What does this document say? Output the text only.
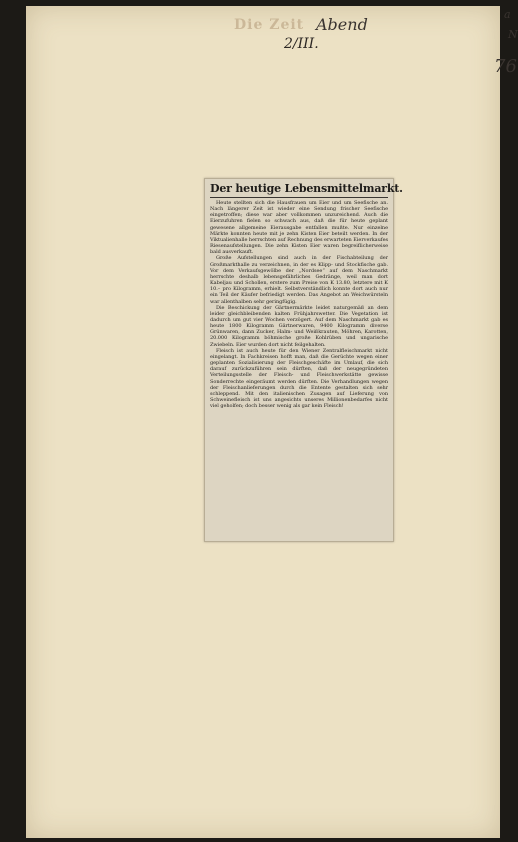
Die Zeit Abend
2/III.
a
N
76
Der heutige Lebensmittelmarkt.

Heute stellten sich die Hausfrauen um Eier und um Seefische an. Nach längerer Zeit ist wieder eine Sendung frischer Seefische eingetroffen; diese war aber vollkommen unzureichend. Auch die Eierzufuhren fielen so schwach aus, daß die für heute geplant gewesene allgemeine Eierausgabe entfallen mußte. Nur einzelne Märkte konnten heute mit je zehn Kisten Eier beteilt werden. In der Viktualienhalle herrschten auf Rechnung des erwarteten Eierverkaufes Riesenaufstellungen. Die zehn Kisten Eier waren begreiflicherweise bald ausverkauft.

Große Aufstellungen sind auch in der Fischabteilung der Großmarkthalle zu verzeichnen, in der es Klipp- und Stockfische gab. Vor dem Verkaufsgewölbe der „Nordsee“ auf dem Naschmarkt herrschte deshalb lebensgefährliches Gedränge, weil man dort Kabeljau und Schollen, erstere zum Preise von K 13.80, letztere mit K 10.– pro Kilogramm, erhielt. Selbstverständlich konnte dort auch nur ein Teil der Käufer befriedigt werden. Das Angebot an Weichwürsteln war allenthalben sehr geringfügig.

Die Beschickung der Gärtnermärkte leidet naturgemäß an dem leider gleichbleibenden kalten Frühjahrswetter. Die Vegetation ist dadurch um gut vier Wochen verzögert. Auf dem Naschmarkt gab es heute 1800 Kilogramm Gärtnerwaren, 9400 Kilogramm diverse Grünwaren, dann Zucker, Halm- und Weißkrauten, Möhren, Karotten, 20.000 Kilogramm böhmische große Kohlrüben und ungarische Zwiebeln. Eier wurden dort nicht feilgehalten.

Fleisch ist auch heute für den Wiener Zentralfleischmarkt nicht eingelangt. In Fachkreisen hofft man, daß die Gerüchte wegen einer geplanten Sozialisierung der Fleischgeschäfte im Umlauf, die sich darauf zurückzuführen sein dürften, daß der neugegründeten Verteilungsstelle der Fleisch- und Fleischwerkstätte gewisse Sonderrechte eingeräumt werden dürften. Die Verhandlungen wegen der Fleischanlieferungen durch die Entente gestalten sich sehr schleppend. Mit den italienischen Zusagen auf Lieferung von Schweinefleisch ist uns angesichts unseres Millionenbedarfes nicht viel geholfen; doch besser wenig als gar kein Fleisch!
